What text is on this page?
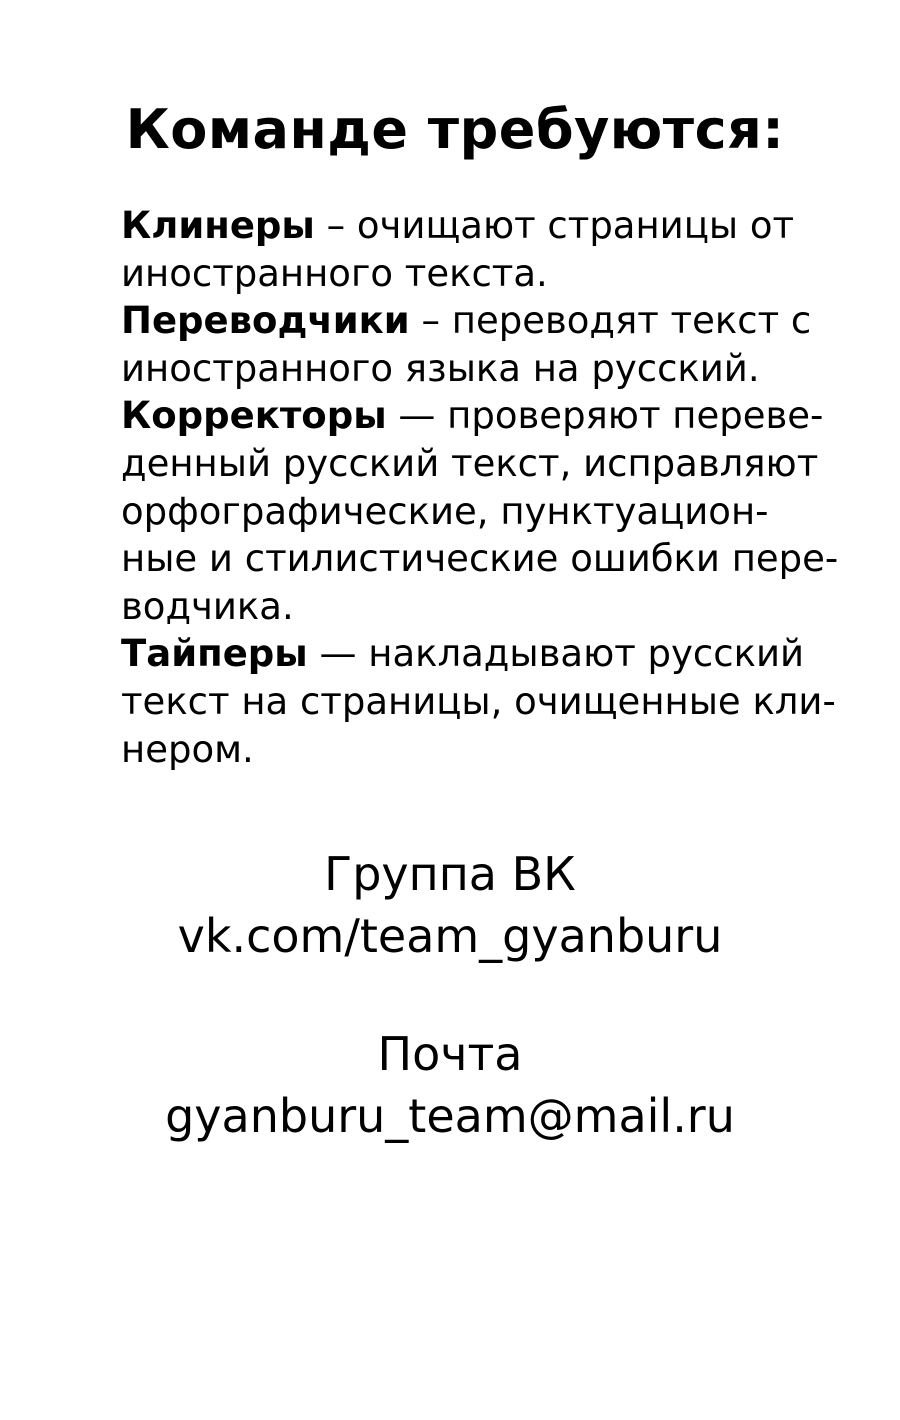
Команде требуются:
Клинеры – очищают страницы от
иностранного текста.
Переводчики – переводят текст с
иностранного языка на русский.
Корректоры — проверяют переве-
денный русский текст, исправляют
орфографические, пунктуацион-
ные и стилистические ошибки пере-
водчика.
Тайперы — накладывают русский
текст на страницы, очищенные кли-
нером.
Группа ВК
vk.com/team_gyanburu
Почта
gyanburu_team@mail.ru
